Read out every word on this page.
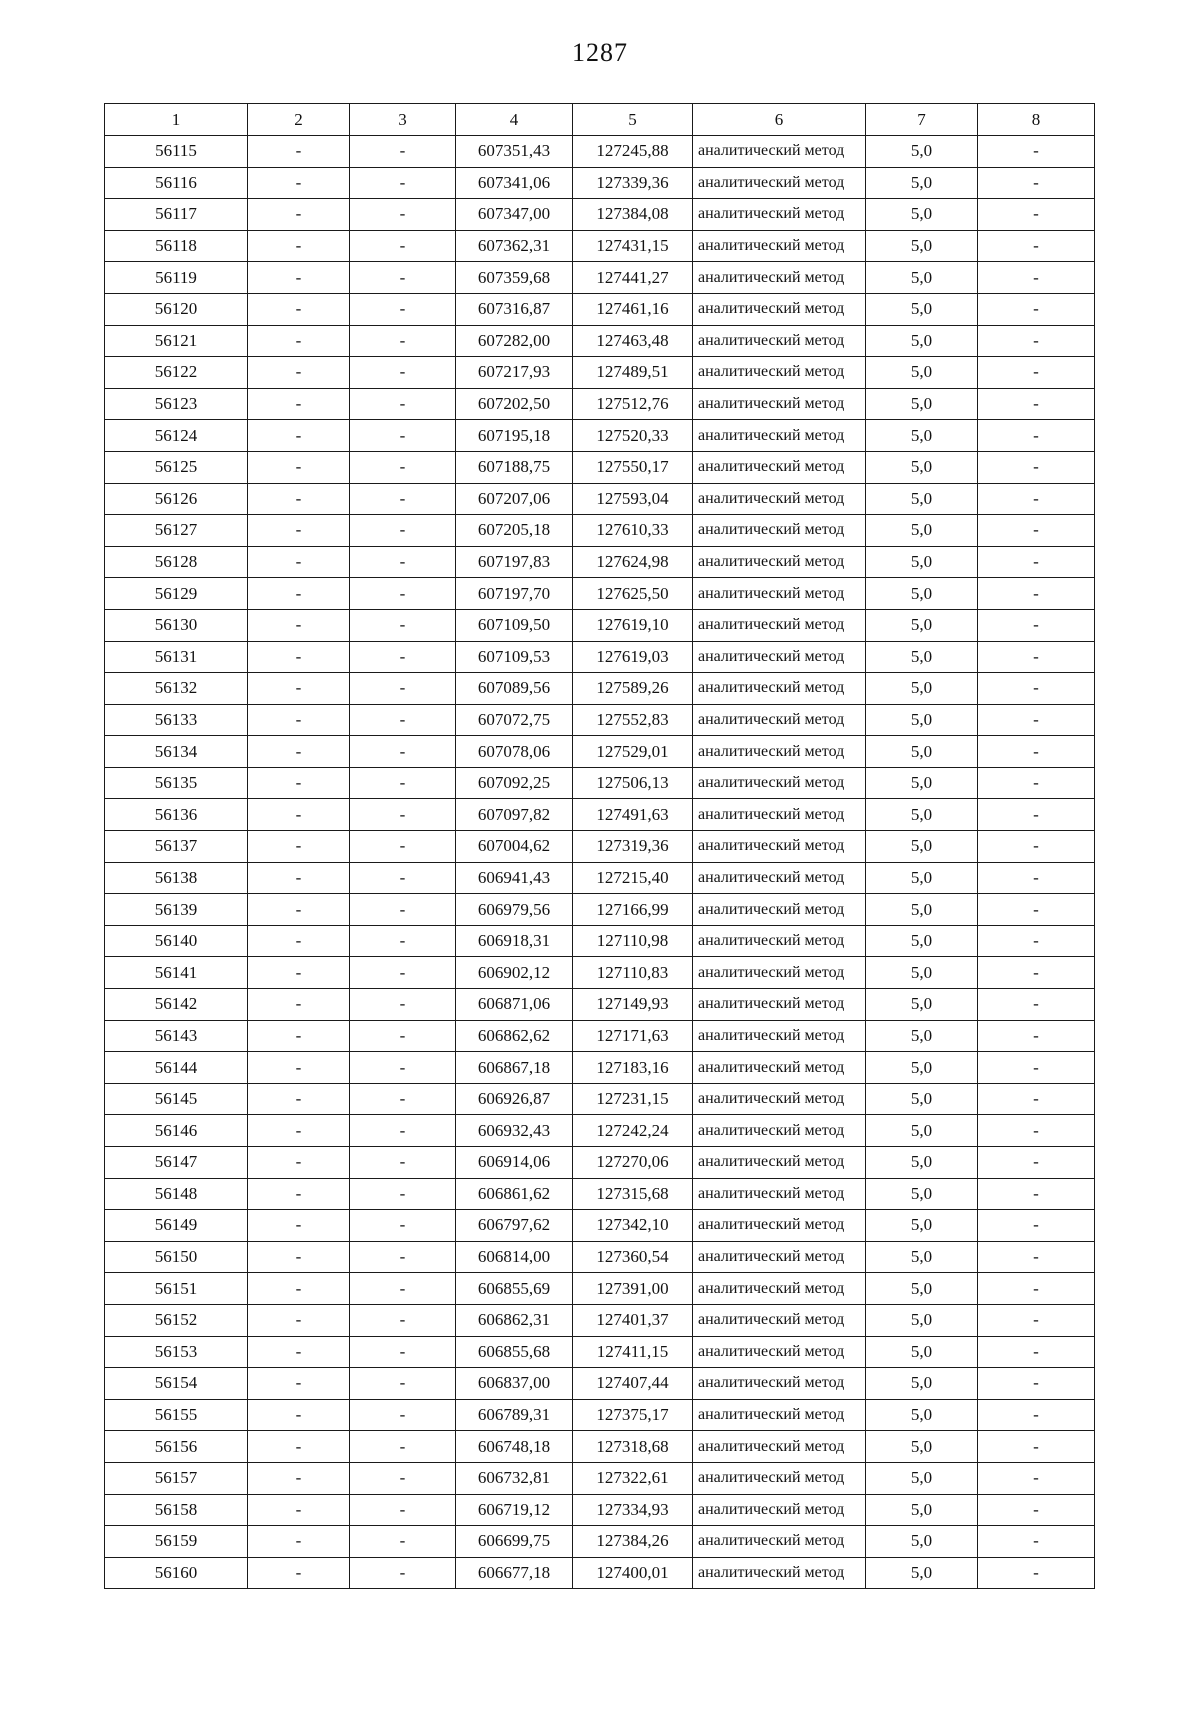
1287
1	2	3	4	5	6	7	8
56115	-	-	607351,43	127245,88	аналитический метод	5,0	-
56116	-	-	607341,06	127339,36	аналитический метод	5,0	-
56117	-	-	607347,00	127384,08	аналитический метод	5,0	-
56118	-	-	607362,31	127431,15	аналитический метод	5,0	-
56119	-	-	607359,68	127441,27	аналитический метод	5,0	-
56120	-	-	607316,87	127461,16	аналитический метод	5,0	-
56121	-	-	607282,00	127463,48	аналитический метод	5,0	-
56122	-	-	607217,93	127489,51	аналитический метод	5,0	-
56123	-	-	607202,50	127512,76	аналитический метод	5,0	-
56124	-	-	607195,18	127520,33	аналитический метод	5,0	-
56125	-	-	607188,75	127550,17	аналитический метод	5,0	-
56126	-	-	607207,06	127593,04	аналитический метод	5,0	-
56127	-	-	607205,18	127610,33	аналитический метод	5,0	-
56128	-	-	607197,83	127624,98	аналитический метод	5,0	-
56129	-	-	607197,70	127625,50	аналитический метод	5,0	-
56130	-	-	607109,50	127619,10	аналитический метод	5,0	-
56131	-	-	607109,53	127619,03	аналитический метод	5,0	-
56132	-	-	607089,56	127589,26	аналитический метод	5,0	-
56133	-	-	607072,75	127552,83	аналитический метод	5,0	-
56134	-	-	607078,06	127529,01	аналитический метод	5,0	-
56135	-	-	607092,25	127506,13	аналитический метод	5,0	-
56136	-	-	607097,82	127491,63	аналитический метод	5,0	-
56137	-	-	607004,62	127319,36	аналитический метод	5,0	-
56138	-	-	606941,43	127215,40	аналитический метод	5,0	-
56139	-	-	606979,56	127166,99	аналитический метод	5,0	-
56140	-	-	606918,31	127110,98	аналитический метод	5,0	-
56141	-	-	606902,12	127110,83	аналитический метод	5,0	-
56142	-	-	606871,06	127149,93	аналитический метод	5,0	-
56143	-	-	606862,62	127171,63	аналитический метод	5,0	-
56144	-	-	606867,18	127183,16	аналитический метод	5,0	-
56145	-	-	606926,87	127231,15	аналитический метод	5,0	-
56146	-	-	606932,43	127242,24	аналитический метод	5,0	-
56147	-	-	606914,06	127270,06	аналитический метод	5,0	-
56148	-	-	606861,62	127315,68	аналитический метод	5,0	-
56149	-	-	606797,62	127342,10	аналитический метод	5,0	-
56150	-	-	606814,00	127360,54	аналитический метод	5,0	-
56151	-	-	606855,69	127391,00	аналитический метод	5,0	-
56152	-	-	606862,31	127401,37	аналитический метод	5,0	-
56153	-	-	606855,68	127411,15	аналитический метод	5,0	-
56154	-	-	606837,00	127407,44	аналитический метод	5,0	-
56155	-	-	606789,31	127375,17	аналитический метод	5,0	-
56156	-	-	606748,18	127318,68	аналитический метод	5,0	-
56157	-	-	606732,81	127322,61	аналитический метод	5,0	-
56158	-	-	606719,12	127334,93	аналитический метод	5,0	-
56159	-	-	606699,75	127384,26	аналитический метод	5,0	-
56160	-	-	606677,18	127400,01	аналитический метод	5,0	-
